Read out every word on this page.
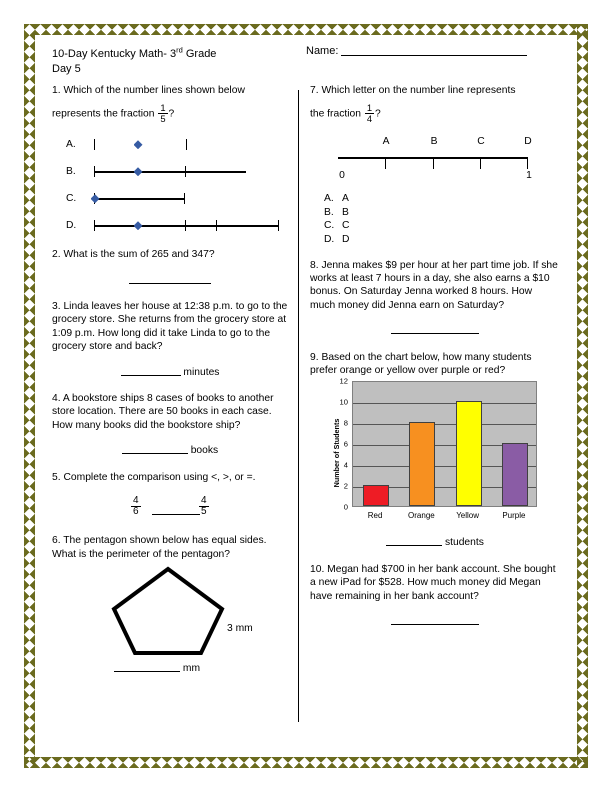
10-Day Kentucky Math- 3rd Grade
Day 5
Name:

1. Which of the number lines shown below

represents the fraction $\frac{1}{5}$ ?

A.
B.
C.
D.

2. What is the sum of 265 and 347?

3. Linda leaves her house at 12:38 p.m. to go to the grocery store. She returns from the grocery store at 1:09 p.m. How long did it take Linda to go to the grocery store and back?

minutes

4. A bookstore ships 8 cases of books to another store location. There are 50 books in each case. How many books did the bookstore ship?

books

5. Complete the comparison using <, >, or =.

$\frac{4}{6}$	$\frac{4}{5}$

6. The pentagon shown below has equal sides. What is the perimeter of the pentagon?

3 mm
mm

7. Which letter on the number line represents

the fraction $\frac{1}{4}$ ?

A	B	C	D
0	1
A. A
B. B
C. C
D. D

8. Jenna makes $9 per hour at her part time job. If she works at least 7 hours in a day, she also earns a $10 bonus. On Saturday Jenna worked 8 hours. How much money did Jenna earn on Saturday?

9. Based on the chart below, how many students prefer orange or yellow over purple or red?

Number of Students
0
2
4
6
8
10
12
Red	Orange	Yellow	Purple
students

10. Megan had $700 in her bank account. She bought a new iPad for $528. How much money did Megan have remaining in her bank account?
